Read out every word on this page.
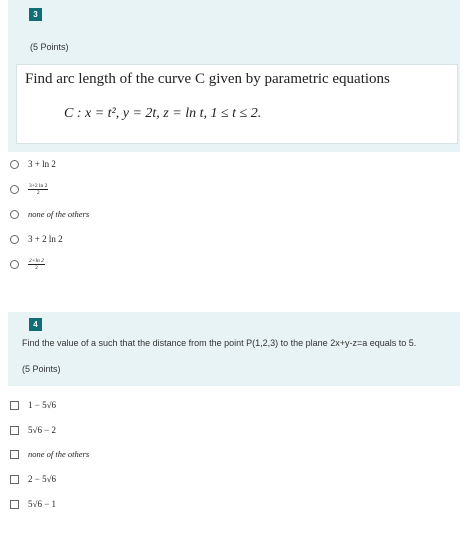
3
(5 Points)
Find arc length of the curve C given by parametric equations
C : x = t², y = 2t, z = ln t, 1 ≤ t ≤ 2.
3 + ln 2
$\frac{3+2 \ln 2}{2}$
none of the others
3 + 2 ln 2
$\frac{2+\ln 2}{2}$
4
Find the value of a such that the distance from the point P(1,2,3) to the plane 2x+y-z=a equals to 5.
(5 Points)
1 − 5√6
5√6 − 2
none of the others
2 − 5√6
5√6 − 1
